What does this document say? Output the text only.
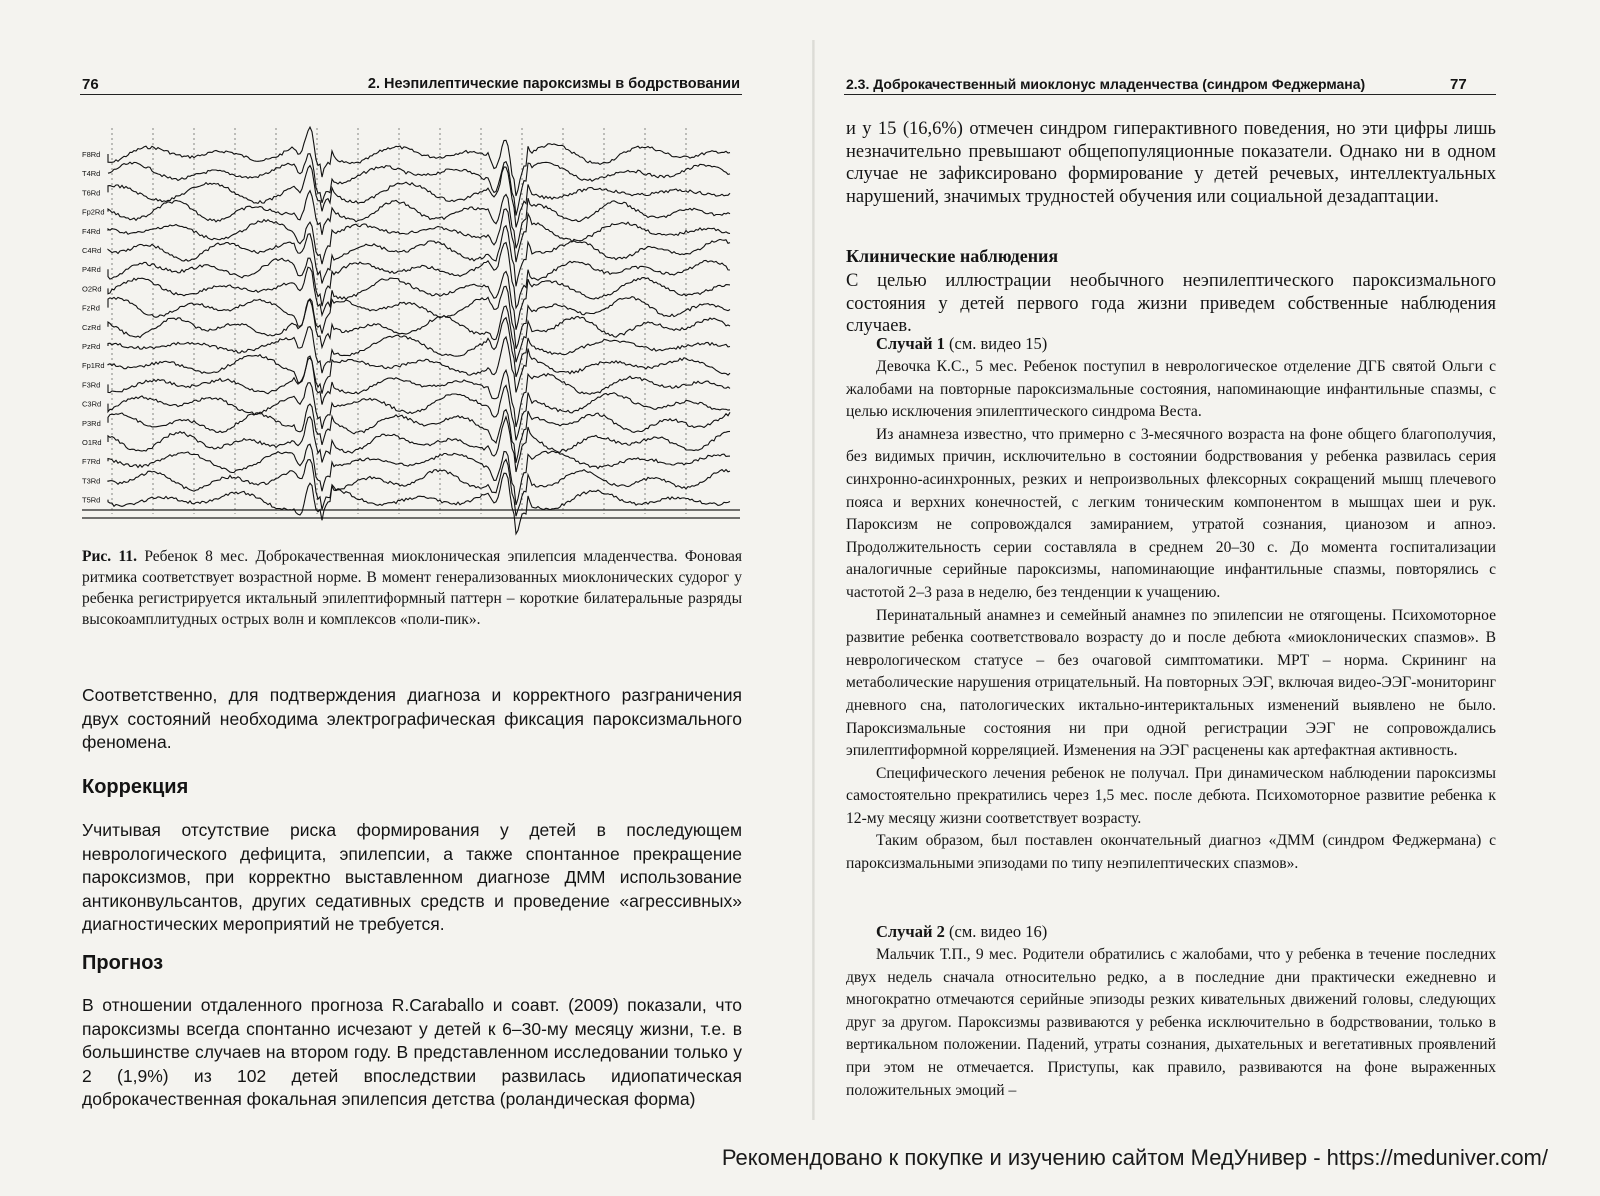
76	2. Неэпилептические пароксизмы в бодрствовании
F8Rd
T4Rd
T6Rd
Fp2Rd
F4Rd
C4Rd
P4Rd
O2Rd
FzRd
CzRd
PzRd
Fp1Rd
F3Rd
C3Rd
P3Rd
O1Rd
F7Rd
T3Rd
T5Rd
Рис. 11. Ребенок 8 мес. Доброкачественная миоклоническая эпилепсия младенчества. Фоновая ритмика соответствует возрастной норме. В момент генерализованных миоклонических судорог у ребенка регистрируется иктальный эпилептиформный паттерн – короткие билатеральные разряды высокоамплитудных острых волн и комплексов «поли-пик».
Соответственно, для подтверждения диагноза и корректного разграничения двух состояний необходима электрографическая фиксация пароксизмального феномена.
Коррекция
Учитывая отсутствие риска формирования у детей в последующем неврологического дефицита, эпилепсии, а также спонтанное прекращение пароксизмов, при корректно выставленном диагнозе ДММ использование антиконвульсантов, других седативных средств и проведение «агрессивных» диагностических мероприятий не требуется.
Прогноз
В отношении отдаленного прогноза R.Caraballo и соавт. (2009) показали, что пароксизмы всегда спонтанно исчезают у детей к 6–30-му месяцу жизни, т.е. в большинстве случаев на втором году. В представленном исследовании только у 2 (1,9%) из 102 детей впоследствии развилась идиопатическая доброкачественная фокальная эпилепсия детства (роландическая форма)
2.3. Доброкачественный миоклонус младенчества (синдром Феджермана)	77
и у 15 (16,6%) отмечен синдром гиперактивного поведения, но эти цифры лишь незначительно превышают общепопуляционные показатели. Однако ни в одном случае не зафиксировано формирование у детей речевых, интеллектуальных нарушений, значимых трудностей обучения или социальной дезадаптации.
Клинические наблюдения
С целью иллюстрации необычного неэпилептического пароксизмального состояния у детей первого года жизни приведем собственные наблюдения случаев.
Случай 1 (см. видео 15)

Девочка К.С., 5 мес. Ребенок поступил в неврологическое отделение ДГБ святой Ольги с жалобами на повторные пароксизмальные состояния, напоминающие инфантильные спазмы, с целью исключения эпилептического синдрома Веста.

Из анамнеза известно, что примерно с 3-месячного возраста на фоне общего благополучия, без видимых причин, исключительно в состоянии бодрствования у ребенка развилась серия синхронно-асинхронных, резких и непроизвольных флексорных сокращений мышц плечевого пояса и верхних конечностей, с легким тоническим компонентом в мышцах шеи и рук. Пароксизм не сопровождался замиранием, утратой сознания, цианозом и апноэ. Продолжительность серии составляла в среднем 20–30 с. До момента госпитализации аналогичные серийные пароксизмы, напоминающие инфантильные спазмы, повторялись с частотой 2–3 раза в неделю, без тенденции к учащению.

Перинатальный анамнез и семейный анамнез по эпилепсии не отягощены. Психомоторное развитие ребенка соответствовало возрасту до и после дебюта «миоклонических спазмов». В неврологическом статусе – без очаговой симптоматики. МРТ – норма. Скрининг на метаболические нарушения отрицательный. На повторных ЭЭГ, включая видео-ЭЭГ-мониторинг дневного сна, патологических иктально-интериктальных изменений выявлено не было. Пароксизмальные состояния ни при одной регистрации ЭЭГ не сопровождались эпилептиформной корреляцией. Изменения на ЭЭГ расценены как артефактная активность.

Специфического лечения ребенок не получал. При динамическом наблюдении пароксизмы самостоятельно прекратились через 1,5 мес. после дебюта. Психомоторное развитие ребенка к 12-му месяцу жизни соответствует возрасту.

Таким образом, был поставлен окончательный диагноз «ДММ (синдром Феджермана) с пароксизмальными эпизодами по типу неэпилептических спазмов».

Случай 2 (см. видео 16)

Мальчик Т.П., 9 мес. Родители обратились с жалобами, что у ребенка в течение последних двух недель сначала относительно редко, а в последние дни практически ежедневно и многократно отмечаются серийные эпизоды резких кивательных движений головы, следующих друг за другом. Пароксизмы развиваются у ребенка исключительно в бодрствовании, только в вертикальном положении. Падений, утраты сознания, дыхательных и вегетативных проявлений при этом не отмечается. Приступы, как правило, развиваются на фоне выраженных положительных эмоций –

Рекомендовано к покупке и изучению сайтом МедУнивер - https://meduniver.com/
